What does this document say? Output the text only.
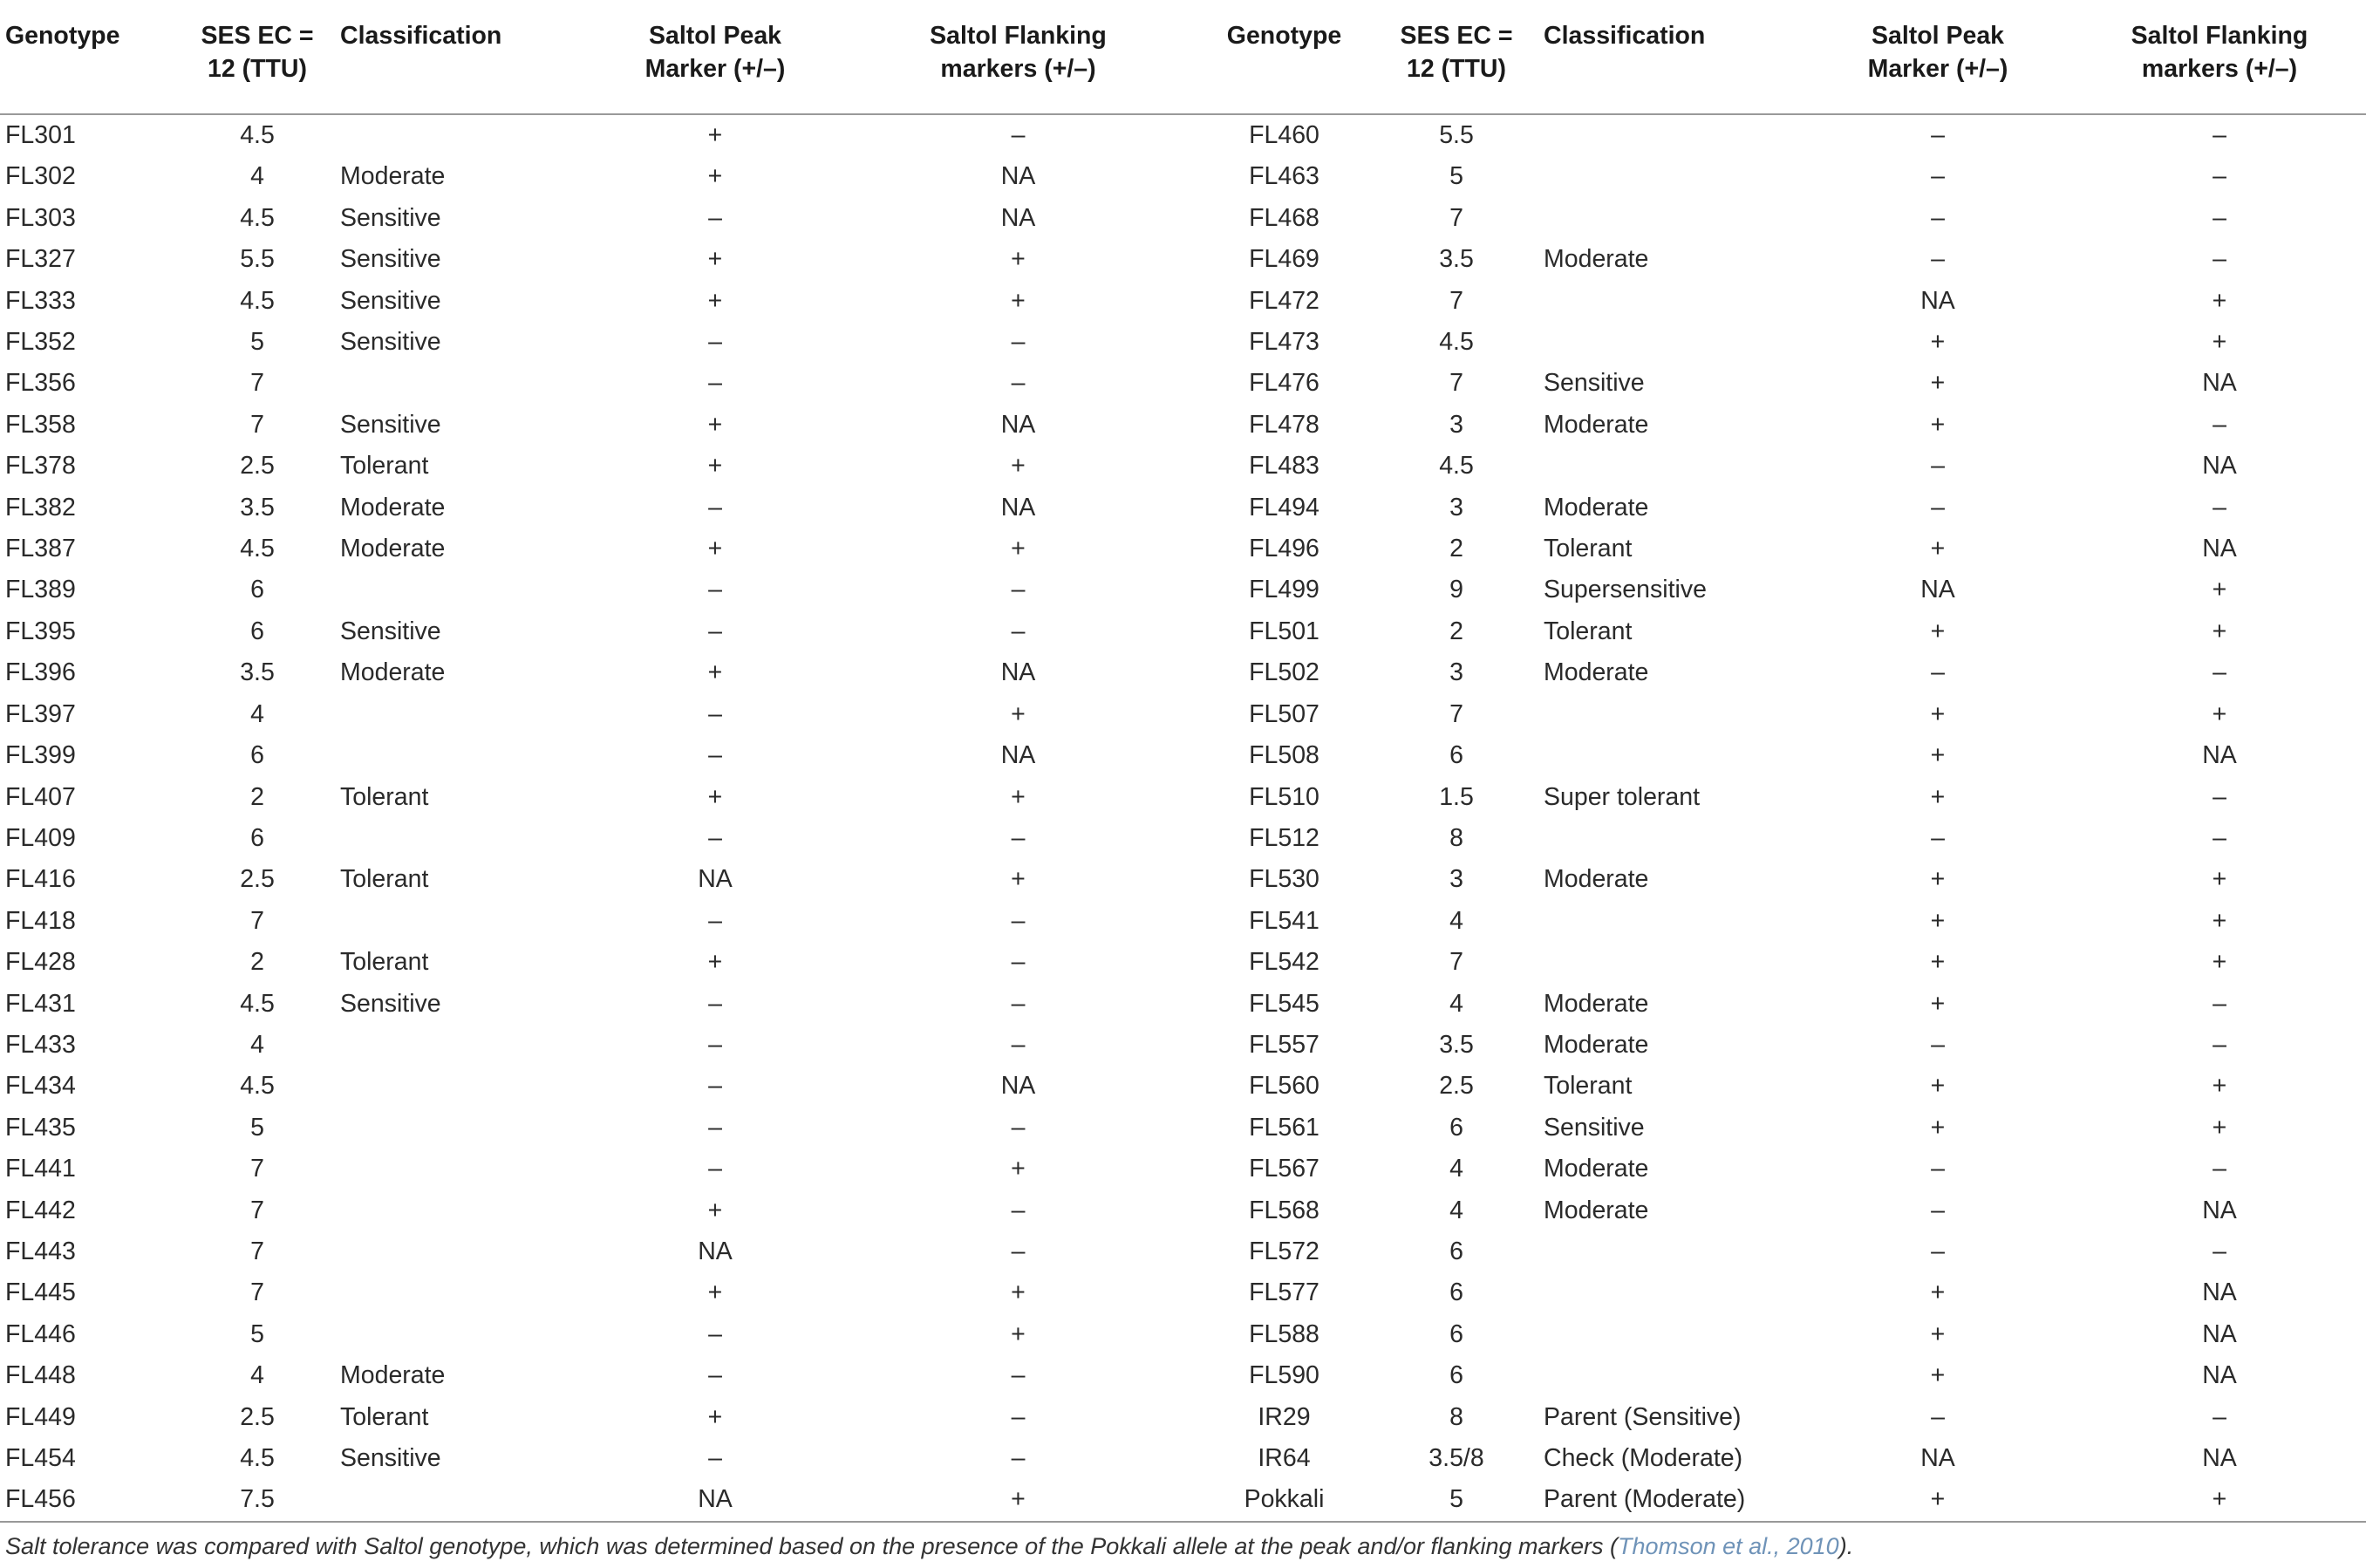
Genotype	SES EC = 12 (TTU)	Classification	Saltol Peak Marker (+/–)	Saltol Flanking markers (+/–)	Genotype	SES EC = 12 (TTU)	Classification	Saltol Peak Marker (+/–)	Saltol Flanking markers (+/–)

FL301	4.5		+	–	FL460	5.5		–	–
FL302	4	Moderate	+	NA	FL463	5		–	–
FL303	4.5	Sensitive	–	NA	FL468	7		–	–
FL327	5.5	Sensitive	+	+	FL469	3.5	Moderate	–	–
FL333	4.5	Sensitive	+	+	FL472	7		NA	+
FL352	5	Sensitive	–	–	FL473	4.5		+	+
FL356	7		–	–	FL476	7	Sensitive	+	NA
FL358	7	Sensitive	+	NA	FL478	3	Moderate	+	–
FL378	2.5	Tolerant	+	+	FL483	4.5		–	NA
FL382	3.5	Moderate	–	NA	FL494	3	Moderate	–	–
FL387	4.5	Moderate	+	+	FL496	2	Tolerant	+	NA
FL389	6		–	–	FL499	9	Supersensitive	NA	+
FL395	6	Sensitive	–	–	FL501	2	Tolerant	+	+
FL396	3.5	Moderate	+	NA	FL502	3	Moderate	–	–
FL397	4		–	+	FL507	7		+	+
FL399	6		–	NA	FL508	6		+	NA
FL407	2	Tolerant	+	+	FL510	1.5	Super tolerant	+	–
FL409	6		–	–	FL512	8		–	–
FL416	2.5	Tolerant	NA	+	FL530	3	Moderate	+	+
FL418	7		–	–	FL541	4		+	+
FL428	2	Tolerant	+	–	FL542	7		+	+
FL431	4.5	Sensitive	–	–	FL545	4	Moderate	+	–
FL433	4		–	–	FL557	3.5	Moderate	–	–
FL434	4.5		–	NA	FL560	2.5	Tolerant	+	+
FL435	5		–	–	FL561	6	Sensitive	+	+
FL441	7		–	+	FL567	4	Moderate	–	–
FL442	7		+	–	FL568	4	Moderate	–	NA
FL443	7		NA	–	FL572	6		–	–
FL445	7		+	+	FL577	6		+	NA
FL446	5		–	+	FL588	6		+	NA
FL448	4	Moderate	–	–	FL590	6		+	NA
FL449	2.5	Tolerant	+	–	IR29	8	Parent (Sensitive)	–	–
FL454	4.5	Sensitive	–	–	IR64	3.5/8	Check (Moderate)	NA	NA
FL456	7.5		NA	+	Pokkali	5	Parent (Moderate)	+	+
Salt tolerance was compared with Saltol genotype, which was determined based on the presence of the Pokkali allele at the peak and/or flanking markers (Thomson et al., 2010).
